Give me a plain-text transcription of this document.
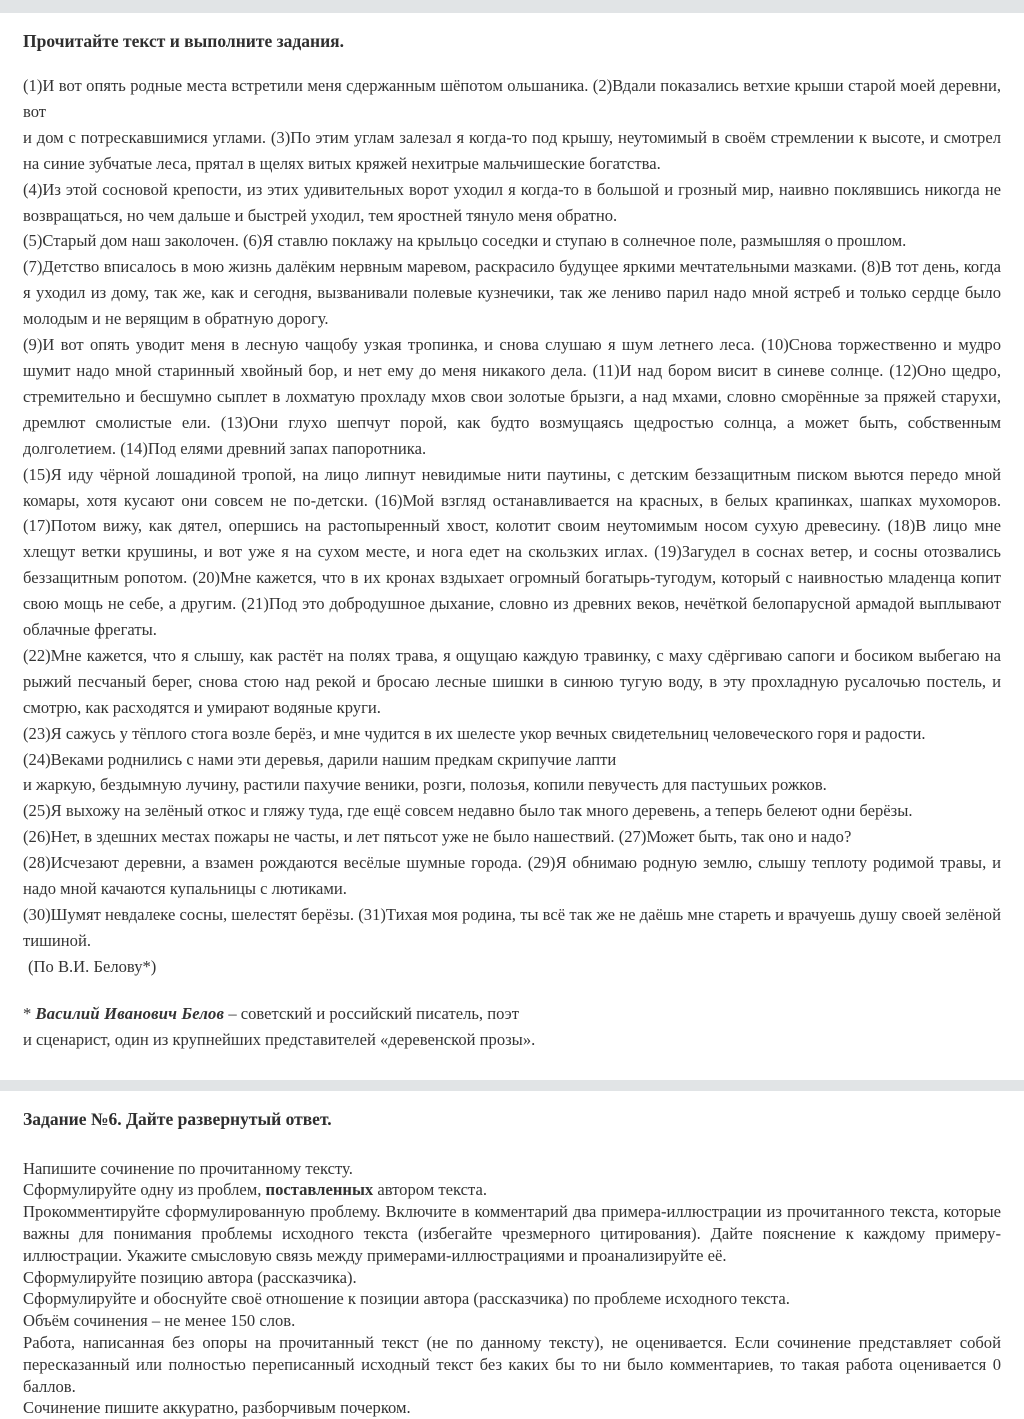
Прочитайте текст и выполните задания.

(1)И вот опять родные места встретили меня сдержанным шёпотом ольшаника. (2)Вдали показались ветхие крыши старой моей деревни, вот
и дом с потрескавшимися углами. (3)По этим углам залезал я когда-то под крышу, неутомимый в своём стремлении к высоте, и смотрел на синие зубчатые леса, прятал в щелях витых кряжей нехитрые мальчишеские богатства.

(4)Из этой сосновой крепости, из этих удивительных ворот уходил я когда-то в большой и грозный мир, наивно поклявшись никогда не возвращаться, но чем дальше и быстрей уходил, тем яростней тянуло меня обратно.

(5)Старый дом наш заколочен. (6)Я ставлю поклажу на крыльцо соседки и ступаю в солнечное поле, размышляя о прошлом.

(7)Детство вписалось в мою жизнь далёким нервным маревом, раскрасило будущее яркими мечтательными мазками. (8)В тот день, когда я уходил из дому, так же, как и сегодня, вызванивали полевые кузнечики, так же лениво парил надо мной ястреб и только сердце было молодым и не верящим в обратную дорогу.

(9)И вот опять уводит меня в лесную чащобу узкая тропинка, и снова слушаю я шум летнего леса. (10)Снова торжественно и мудро шумит надо мной старинный хвойный бор, и нет ему до меня никакого дела. (11)И над бором висит в синеве солнце. (12)Оно щедро, стремительно и бесшумно сыплет в лохматую прохладу мхов свои золотые брызги, а над мхами, словно сморённые за пряжей старухи, дремлют смолистые ели. (13)Они глухо шепчут порой, как будто возмущаясь щедростью солнца, а может быть, собственным долголетием. (14)Под елями древний запах папоротника.

(15)Я иду чёрной лошадиной тропой, на лицо липнут невидимые нити паутины, с детским беззащитным писком вьются передо мной комары, хотя кусают они совсем не по-детски. (16)Мой взгляд останавливается на красных, в белых крапинках, шапках мухоморов. (17)Потом вижу, как дятел, опершись на растопыренный хвост, колотит своим неутомимым носом сухую древесину. (18)В лицо мне хлещут ветки крушины, и вот уже я на сухом месте, и нога едет на скользких иглах. (19)Загудел в соснах ветер, и сосны отозвались беззащитным ропотом. (20)Мне кажется, что в их кронах вздыхает огромный богатырь-тугодум, который с наивностью младенца копит свою мощь не себе, а другим. (21)Под это добродушное дыхание, словно из древних веков, нечёткой белопарусной армадой выплывают облачные фрегаты.

(22)Мне кажется, что я слышу, как растёт на полях трава, я ощущаю каждую травинку, с маху сдёргиваю сапоги и босиком выбегаю на рыжий песчаный берег, снова стою над рекой и бросаю лесные шишки в синюю тугую воду, в эту прохладную русалочью постель, и смотрю, как расходятся и умирают водяные круги.

(23)Я сажусь у тёплого стога возле берёз, и мне чудится в их шелесте укор вечных свидетельниц человеческого горя и радости.

(24)Веками роднились с нами эти деревья, дарили нашим предкам скрипучие лапти
и жаркую, бездымную лучину, растили пахучие веники, розги, полозья, копили певучесть для пастушьих рожков.

(25)Я выхожу на зелёный откос и гляжу туда, где ещё совсем недавно было так много деревень, а теперь белеют одни берёзы.

(26)Нет, в здешних местах пожары не часты, и лет пятьсот уже не было нашествий. (27)Может быть, так оно и надо?

(28)Исчезают деревни, а взамен рождаются весёлые шумные города. (29)Я обнимаю родную землю, слышу теплоту родимой травы, и надо мной качаются купальницы с лютиками.

(30)Шумят невдалеке сосны, шелестят берёзы. (31)Тихая моя родина, ты всё так же не даёшь мне стареть и врачуешь душу своей зелёной тишиной.

(По В.И. Белову*)

* Василий Иванович Белов – советский и российский писатель, поэт
и сценарист, один из крупнейших представителей «деревенской прозы».

Задание №6. Дайте развернутый ответ.

Напишите сочинение по прочитанному тексту.

Сформулируйте одну из проблем, поставленных автором текста.

Прокомментируйте сформулированную проблему. Включите в комментарий два примера-иллюстрации из прочитанного текста, которые важны для понимания проблемы исходного текста (избегайте чрезмерного цитирования). Дайте пояснение к каждому примеру-иллюстрации. Укажите смысловую связь между примерами-иллюстрациями и проанализируйте её.

Сформулируйте позицию автора (рассказчика).

Сформулируйте и обоснуйте своё отношение к позиции автора (рассказчика) по проблеме исходного текста.

Объём сочинения – не менее 150 слов.

Работа, написанная без опоры на прочитанный текст (не по данному тексту), не оценивается. Если сочинение представляет собой пересказанный или полностью переписанный исходный текст без каких бы то ни было комментариев, то такая работа оценивается 0 баллов.

Сочинение пишите аккуратно, разборчивым почерком.
